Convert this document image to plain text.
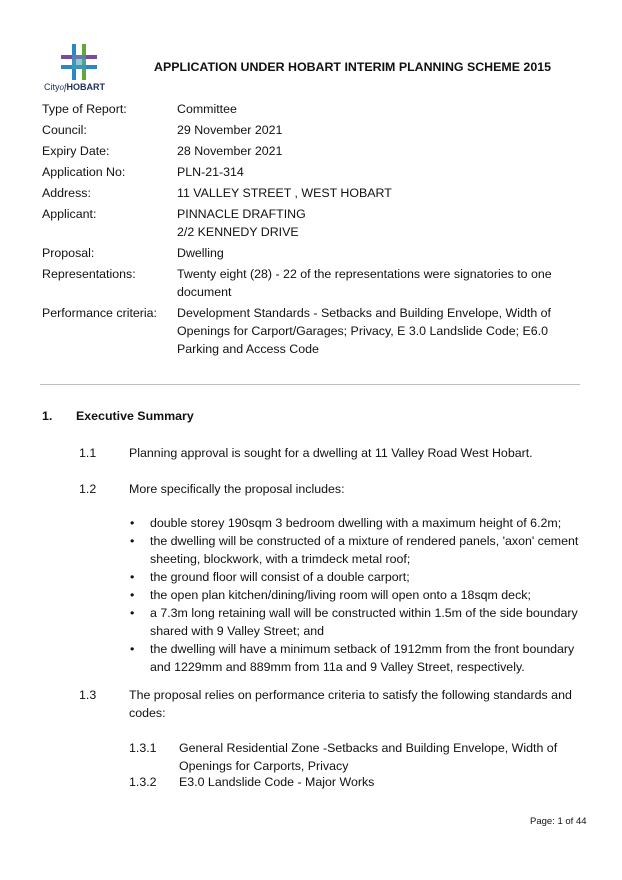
CityofHOBART
APPLICATION UNDER HOBART INTERIM PLANNING SCHEME 2015
Type of Report:	Committee
Council:	29 November 2021
Expiry Date:	28 November 2021
Application No:	PLN-21-314
Address:	11 VALLEY STREET , WEST HOBART
Applicant:	PINNACLE DRAFTING
2/2 KENNEDY DRIVE
Proposal:	Dwelling
Representations:	Twenty eight (28) - 22 of the representations were signatories to one document
Performance criteria:	Development Standards - Setbacks and Building Envelope, Width of Openings for Carport/Garages; Privacy, E 3.0 Landslide Code; E6.0 Parking and Access Code
1. Executive Summary
1.1	Planning approval is sought for a dwelling at 11 Valley Road West Hobart.
1.2	More specifically the proposal includes:
•	double storey 190sqm 3 bedroom dwelling with a maximum height of 6.2m;
•	the dwelling will be constructed of a mixture of rendered panels, 'axon' cement sheeting, blockwork, with a trimdeck metal roof;
•	the ground floor will consist of a double carport;
•	the open plan kitchen/dining/living room will open onto a 18sqm deck;
•	a 7.3m long retaining wall will be constructed within 1.5m of the side boundary shared with 9 Valley Street; and
•	the dwelling will have a minimum setback of 1912mm from the front boundary and 1229mm and 889mm from 11a and 9 Valley Street, respectively.
1.3	The proposal relies on performance criteria to satisfy the following standards and codes:
1.3.1	General Residential Zone -Setbacks and Building Envelope, Width of Openings for Carports, Privacy
1.3.2	E3.0 Landslide Code - Major Works
Page: 1 of 44
